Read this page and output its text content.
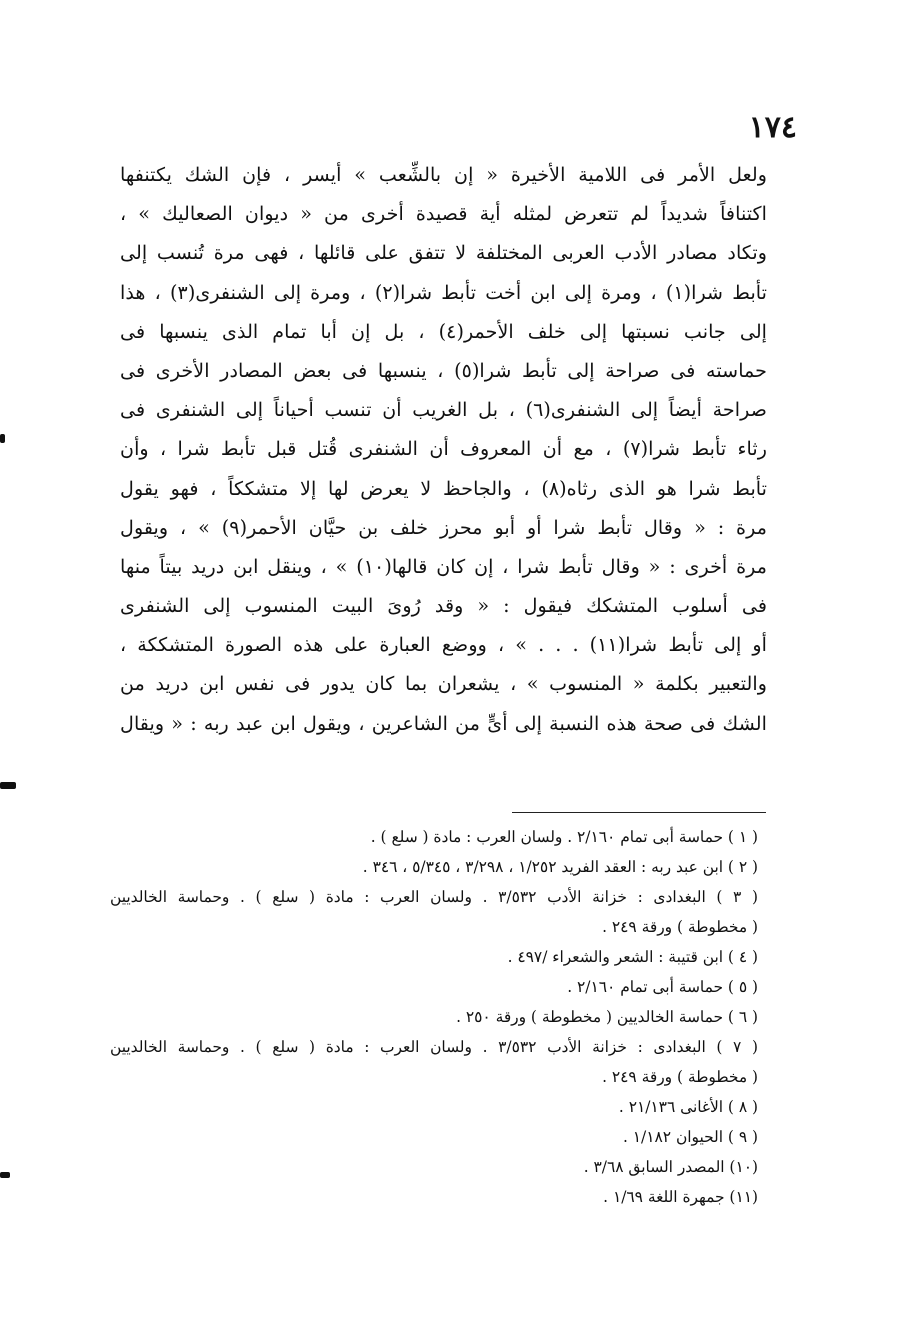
١٧٤
ولعل الأمر فى اللامية الأخيرة « إن بالشِّعب » أيسر ، فإن الشك يكتنفها
اكتنافاً شديداً لم تتعرض لمثله أية قصيدة أخرى من « ديوان الصعاليك » ،
وتكاد مصادر الأدب العربى المختلفة لا تتفق على قائلها ، فهى مرة تُنسب إلى
تأبط شرا(١) ، ومرة إلى ابن أخت تأبط شرا(٢) ، ومرة إلى الشنفرى(٣) ، هذا
إلى جانب نسبتها إلى خلف الأحمر(٤) ، بل إن أبا تمام الذى ينسبها فى
حماسته فى صراحة إلى تأبط شرا(٥) ، ينسبها فى بعض المصادر الأخرى فى
صراحة أيضاً إلى الشنفرى(٦) ، بل الغريب أن تنسب أحياناً إلى الشنفرى فى
رثاء تأبط شرا(٧) ، مع أن المعروف أن الشنفرى قُتل قبل تأبط شرا ، وأن
تأبط شرا هو الذى رثاه(٨) ، والجاحظ لا يعرض لها إلا متشككاً ، فهو يقول
مرة : « وقال تأبط شرا أو أبو محرز خلف بن حيَّان الأحمر(٩) » ، ويقول
مرة أخرى : « وقال تأبط شرا ، إن كان قالها(١٠) » ، وينقل ابن دريد بيتاً منها
فى أسلوب المتشكك فيقول : « وقد رُوىَ البيت المنسوب إلى الشنفرى
أو إلى تأبط شرا(١١) . . . » ، ووضع العبارة على هذه الصورة المتشككة ،
والتعبير بكلمة « المنسوب » ، يشعران بما كان يدور فى نفس ابن دريد من
الشك فى صحة هذه النسبة إلى أىٍّ من الشاعرين ، ويقول ابن عبد ربه : « ويقال
( ١ ) حماسة أبى تمام ٢/١٦٠ . ولسان العرب : مادة ( سلع ) .
( ٢ ) ابن عبد ربه : العقد الفريد ١/٢٥٢ ، ٣/٢٩٨ ، ٥/٣٤٥ ، ٣٤٦ .
( ٣ ) البغدادى : خزانة الأدب ٣/٥٣٢ . ولسان العرب : مادة ( سلع ) . وحماسة الخالديين
( مخطوطة ) ورقة ٢٤٩ .
( ٤ ) ابن قتيبة : الشعر والشعراء /٤٩٧ .
( ٥ ) حماسة أبى تمام ٢/١٦٠ .
( ٦ ) حماسة الخالديين ( مخطوطة ) ورقة ٢٥٠ .
( ٧ ) البغدادى : خزانة الأدب ٣/٥٣٢ . ولسان العرب : مادة ( سلع ) . وحماسة الخالديين
( مخطوطة ) ورقة ٢٤٩ .
( ٨ ) الأغانى ٢١/١٣٦ .
( ٩ ) الحيوان ١/١٨٢ .
(١٠) المصدر السابق ٣/٦٨ .
(١١) جمهرة اللغة ١/٦٩ .
